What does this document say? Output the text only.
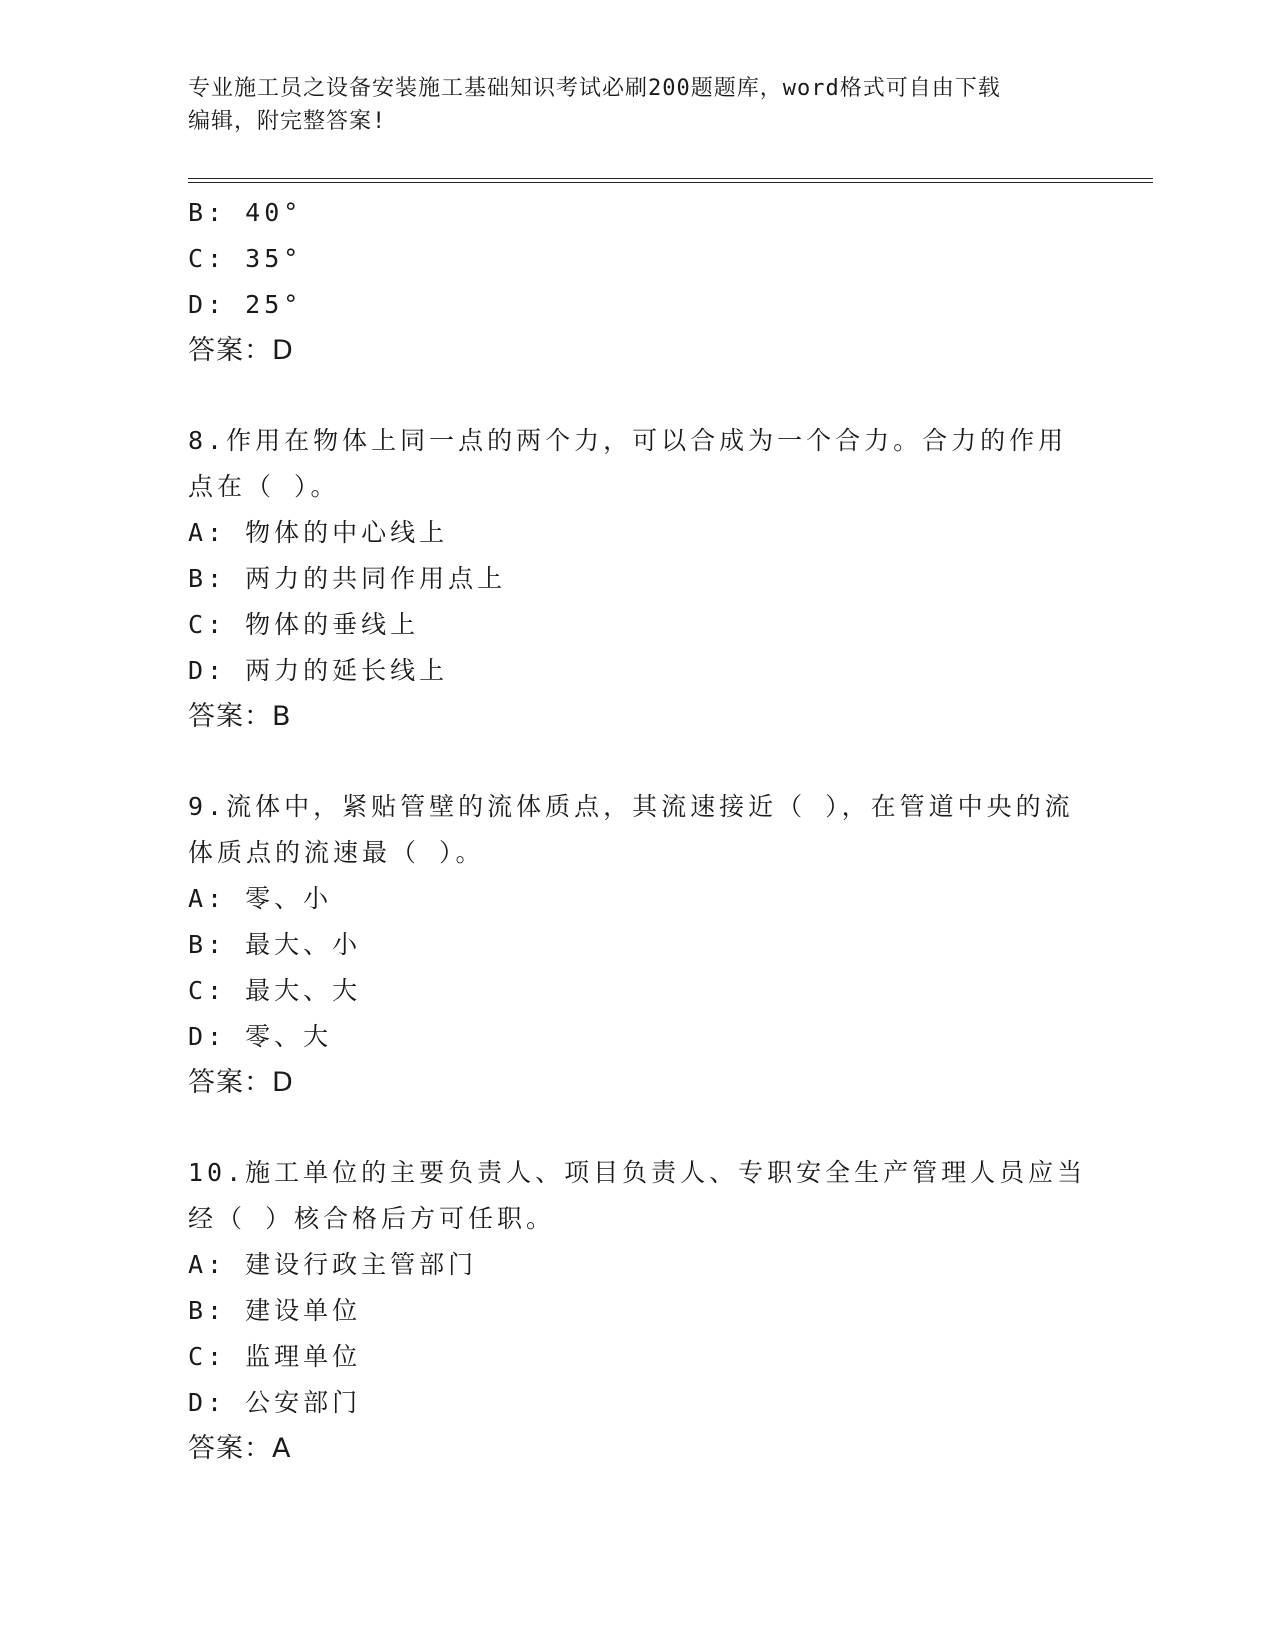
专业施工员之设备安装施工基础知识考试必刷200题题库，word格式可自由下载
编辑，附完整答案!

B: 40°

C: 35°

D: 25°

答案：D

8.作用在物体上同一点的两个力，可以合成为一个合力。合力的作用

点在（ ）。

A: 物体的中心线上

B: 两力的共同作用点上

C: 物体的垂线上

D: 两力的延长线上

答案：B

9.流体中，紧贴管壁的流体质点，其流速接近（ ），在管道中央的流

体质点的流速最（ ）。

A: 零、小

B: 最大、小

C: 最大、大

D: 零、大

答案：D

10.施工单位的主要负责人、项目负责人、专职安全生产管理人员应当

经（ ）核合格后方可任职。

A: 建设行政主管部门

B: 建设单位

C: 监理单位

D: 公安部门

答案：A
